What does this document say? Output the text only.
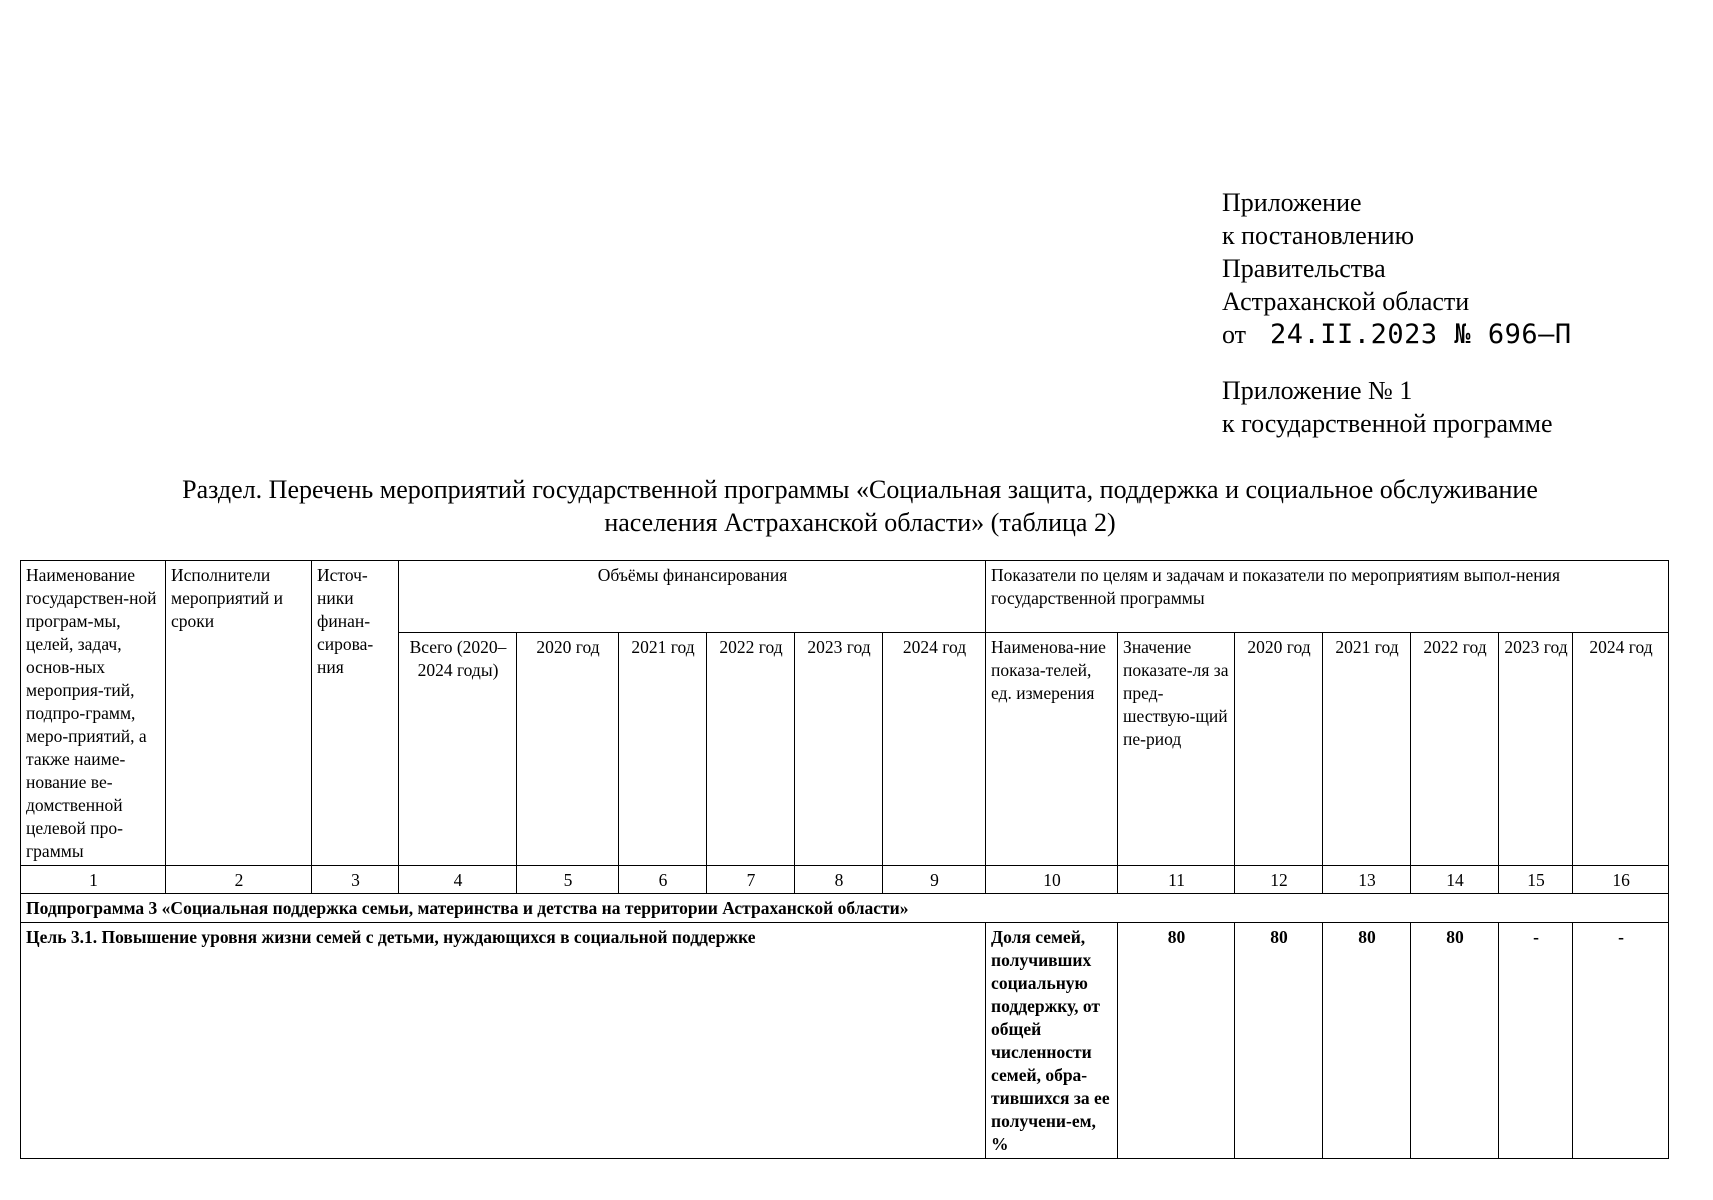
Приложение
к постановлению
Правительства
Астраханской области
от 24.II.2023 № 696–П
Приложение № 1
к государственной программе
Раздел. Перечень мероприятий государственной программы «Социальная защита, поддержка и социальное обслуживание
населения Астраханской области» (таблица 2)
Наименование государствен-ной програм-мы, целей, задач, основ-ных мероприя-тий, подпро-грамм, меро-приятий, а также наиме-нование ве-домственной целевой про-граммы	Исполнители мероприятий и сроки	Источ-ники финан-сирова-ния	Объёмы финансирования						Показатели по целям и задачам и показатели по мероприятиям выпол-нения государственной программы						
			Всего (2020–2024 годы)	2020 год	2021 год	2022 год	2023 год	2024 год	Наименова-ние показа-телей, ед. измерения	Значение показате-ля за пред-шествую-щий пе-риод	2020 год	2021 год	2022 год	2023 год	2024 год
1	2	3	4	5	6	7	8	9	10	11	12	13	14	15	16
Подпрограмма 3 «Социальная поддержка семьи, материнства и детства на территории Астраханской области»															
Цель 3.1. Повышение уровня жизни семей с детьми, нуждающихся в социальной поддержке									Доля семей, получивших социальную поддержку, от общей численности семей, обра-тившихся за ее получени-ем, %	80	80	80	80	-	-
